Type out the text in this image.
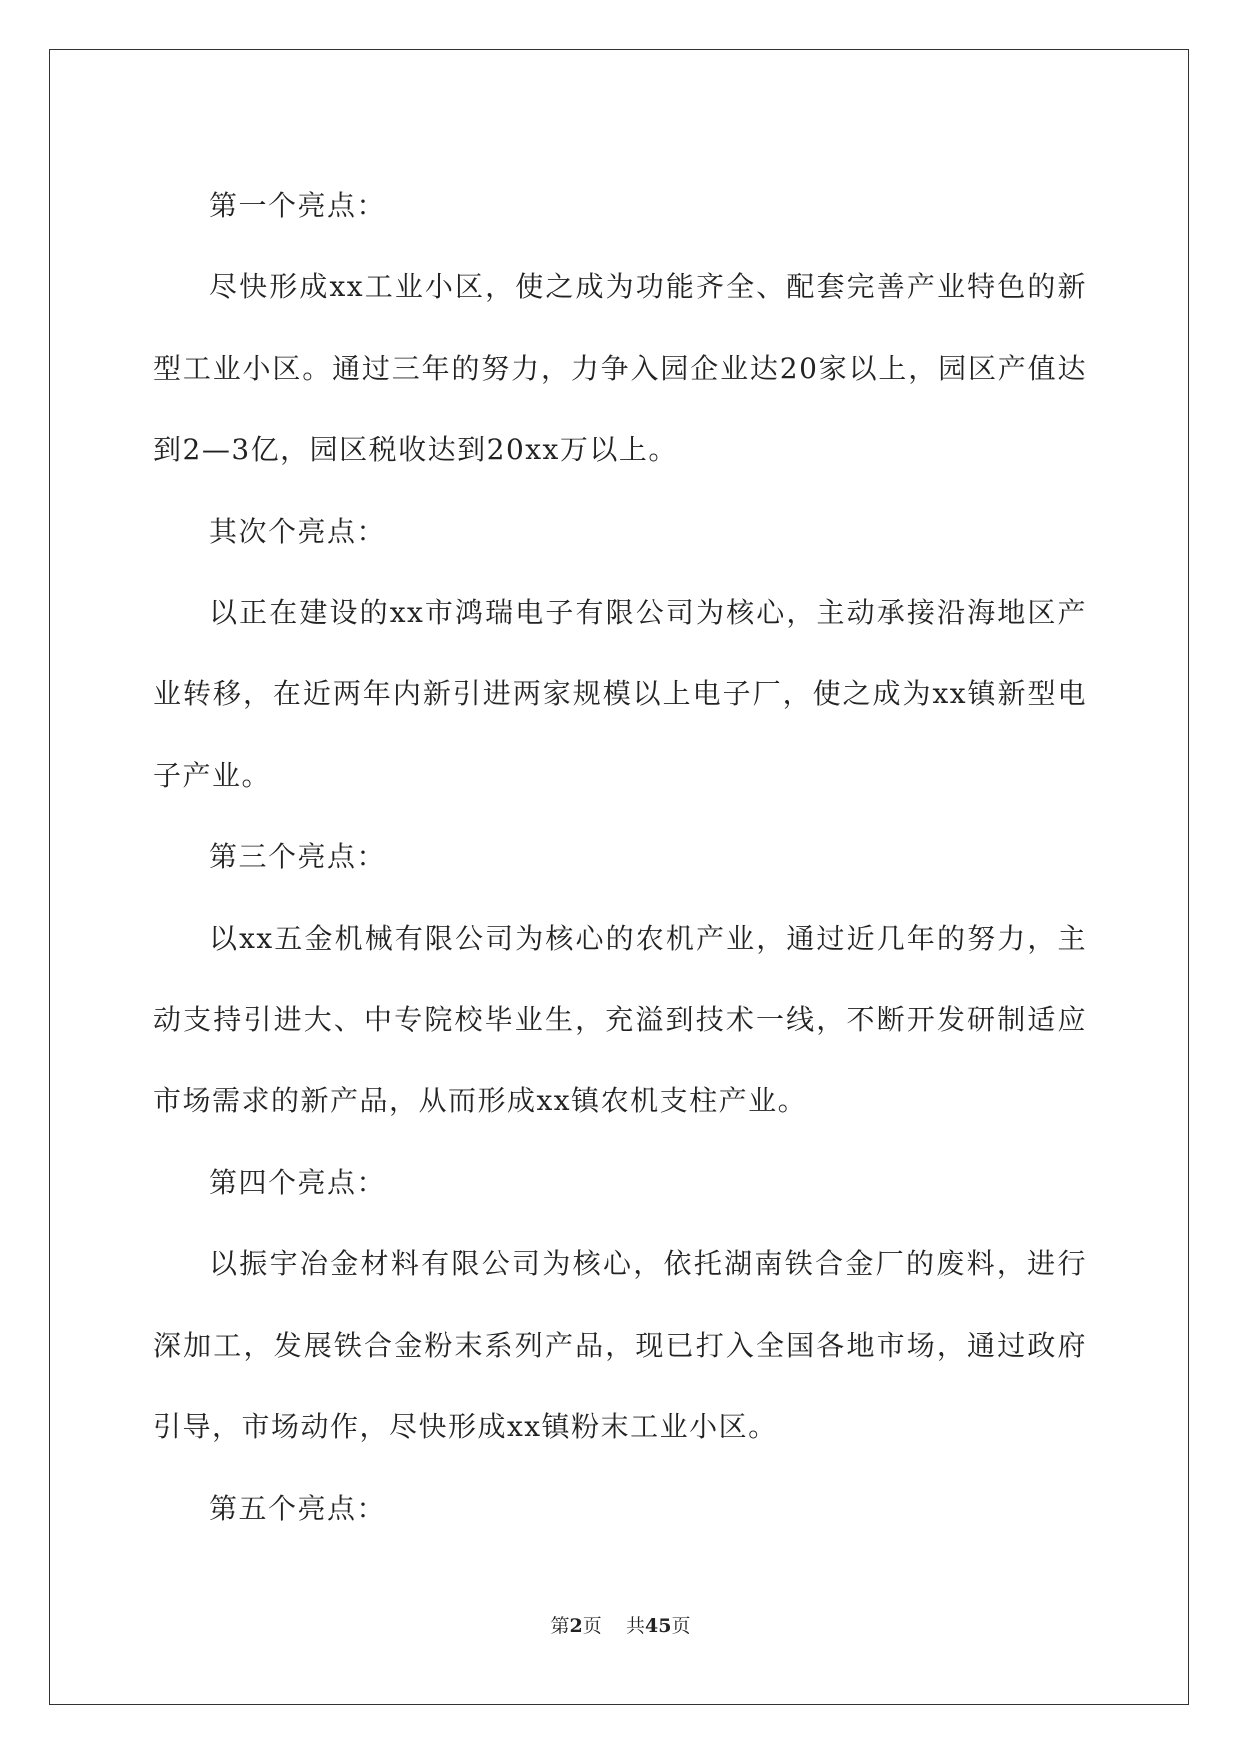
第一个亮点：

尽快形成xx工业小区，使之成为功能齐全、配套完善产业特色的新型工业小区。通过三年的努力，力争入园企业达20家以上，园区产值达到2—3亿，园区税收达到20xx万以上。

其次个亮点：

以正在建设的xx市鸿瑞电子有限公司为核心，主动承接沿海地区产业转移，在近两年内新引进两家规模以上电子厂，使之成为xx镇新型电子产业。

第三个亮点：

以xx五金机械有限公司为核心的农机产业，通过近几年的努力，主动支持引进大、中专院校毕业生，充溢到技术一线，不断开发研制适应市场需求的新产品，从而形成xx镇农机支柱产业。

第四个亮点：

以振宇冶金材料有限公司为核心，依托湖南铁合金厂的废料，进行深加工，发展铁合金粉末系列产品，现已打入全国各地市场，通过政府引导，市场动作，尽快形成xx镇粉末工业小区。

第五个亮点：

第2页 共45页
